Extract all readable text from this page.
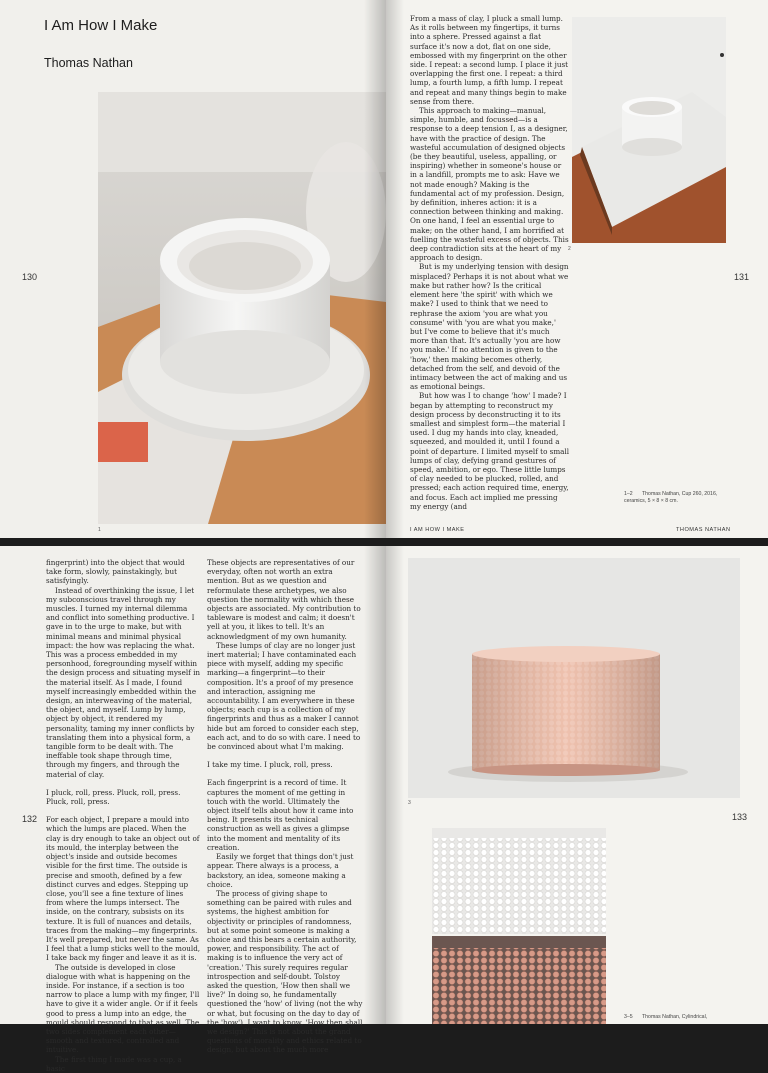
I Am How I Make
Thomas Nathan
1
130

From a mass of clay, I pluck a small lump. As it rolls between my fingertips, it turns into a sphere. Pressed against a flat surface it's now a dot, flat on one side, embossed with my fingerprint on the other side. I repeat: a second lump. I place it just overlapping the first one. I repeat: a third lump, a fourth lump, a fifth lump. I repeat and repeat and many things begin to make sense from there.

This approach to making—manual, simple, humble, and focussed—is a response to a deep tension I, as a designer, have with the practice of design. The wasteful accumulation of designed objects (be they beautiful, useless, appalling, or inspiring) whether in someone's house or in a landfill, prompts me to ask: Have we not made enough? Making is the fundamental act of my profession. Design, by definition, inheres action: it is a connection between thinking and making. On one hand, I feel an essential urge to make; on the other hand, I am horrified at fuelling the wasteful excess of objects. This deep contradiction sits at the heart of my approach to design.

But is my underlying tension with design misplaced? Perhaps it is not about what we make but rather how? Is the critical element here 'the spirit' with which we make? I used to think that we need to rephrase the axiom 'you are what you consume' with 'you are what you make,' but I've come to believe that it's much more than that. It's actually 'you are how you make.' If no attention is given to the 'how,' then making becomes otherly, detached from the self, and devoid of the intimacy between the act of making and us as emotional beings.

But how was I to change 'how' I made? I began by attempting to reconstruct my design process by deconstructing it to its smallest and simplest form—the material I used. I dug my hands into clay, kneaded, squeezed, and moulded it, until I found a point of departure. I limited myself to small lumps of clay, defying grand gestures of speed, ambition, or ego. These little lumps of clay needed to be plucked, rolled, and pressed; each action required time, energy, and focus. Each act implied me pressing my energy (and

2
1–2 Thomas Nathan, Cup 260, 2016, ceramics, 5 × 8 × 8 cm.
131
I AM HOW I MAKE	THOMAS NATHAN

fingerprint) into the object that would take form, slowly, painstakingly, but satisfyingly.

Instead of overthinking the issue, I let my subconscious travel through my muscles. I turned my internal dilemma and conflict into something productive. I gave in to the urge to make, but with minimal means and minimal physical impact: the how was replacing the what. This was a process embedded in my personhood, foregrounding myself within the design process and situating myself in the material itself. As I made, I found myself increasingly embedded within the design, an interweaving of the material, the object, and myself. Lump by lump, object by object, it rendered my personality, taming my inner conflicts by translating them into a physical form, a tangible form to be dealt with. The ineffable took shape through time, through my fingers, and through the material of clay.

I pluck, roll, press. Pluck, roll, press. Pluck, roll, press.

For each object, I prepare a mould into which the lumps are placed. When the clay is dry enough to take an object out of its mould, the interplay between the object's inside and outside becomes visible for the first time. The outside is precise and smooth, defined by a few distinct curves and edges. Stepping up close, you'll see a fine texture of lines from where the lumps intersect. The inside, on the contrary, subsists on its texture. It is full of nuances and details, traces from the making—my fingerprints. It's well prepared, but never the same. As I feel that a lump sticks well to the mould, I take back my finger and leave it as it is.

The outside is developed in close dialogue with what is happening on the inside. For instance, if a section is too narrow to place a lump with my finger, I'll have to give it a wider angle. Or if it feels good to press a lump into an edge, the mould should respond to that as well. The two sides complement each other—smooth and textured, controlled and intuitive.

The first thing I made was a cup, a basic

These objects are representatives of our everyday, often not worth an extra mention. But as we question and reformulate these archetypes, we also question the normality with which these objects are associated. My contribution to tableware is modest and calm; it doesn't yell at you, it likes to tell. It's an acknowledgment of my own humanity.

These lumps of clay are no longer just inert material; I have contaminated each piece with myself, adding my specific marking—a fingerprint—to their composition. It's a proof of my presence and interaction, assigning me accountability. I am everywhere in these objects; each cup is a collection of my fingerprints and thus as a maker I cannot hide but am forced to consider each step, each act, and to do so with care. I need to be convinced about what I'm making.

I take my time. I pluck, roll, press.

Each fingerprint is a record of time. It captures the moment of me getting in touch with the world. Ultimately the object itself tells about how it came into being. It presents its technical construction as well as gives a glimpse into the moment and mentality of its creation.

Easily we forget that things don't just appear. There always is a process, a backstory, an idea, someone making a choice.

The process of giving shape to something can be paired with rules and systems, the highest ambition for objectivity or principles of randomness, but at some point someone is making a choice and this bears a certain authority, power, and responsibility. The act of making is to influence the very act of 'creation.' This surely requires regular introspection and self-doubt. Tolstoy asked the question, 'How then shall we live?' In doing so, he fundamentally questioned the 'how' of living (not the why or what, but focusing on the day to day of the 'how'). I want to know, 'How then shall we design?' This is not about the grand questions of morality and ethics related to design, but about the much more

132
3
3–5 Thomas Nathan, Cylindrical,
133
